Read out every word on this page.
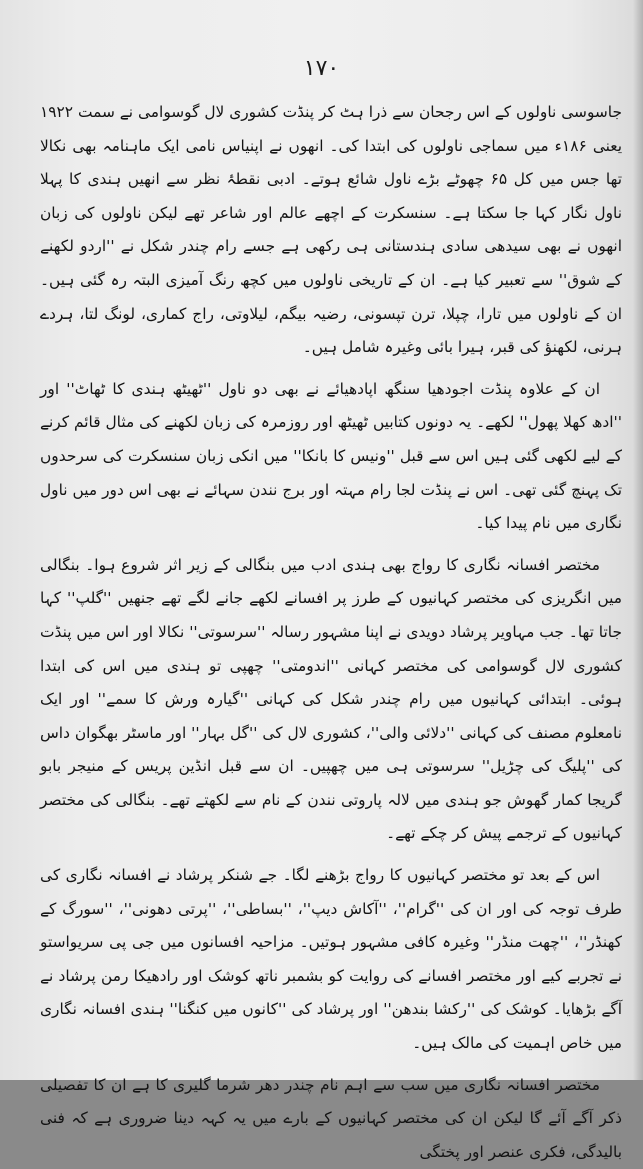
۱۷۰

جاسوسی ناولوں کے اس رجحان سے ذرا ہٹ کر پنڈت کشوری لال گوسوامی نے سمت ۱۹۲۲ یعنی ۱۸۶ء میں سماجی ناولوں کی ابتدا کی۔ انھوں نے اپنیاس نامی ایک ماہنامہ بھی نکالا تھا جس میں کل ۶۵ چھوٹے بڑے ناول شائع ہوتے۔ ادبی نقطۂ نظر سے انھیں ہندی کا پہلا ناول نگار کہا جا سکتا ہے۔ سنسکرت کے اچھے عالم اور شاعر تھے لیکن ناولوں کی زبان انھوں نے بھی سیدھی سادی ہندستانی ہی رکھی ہے جسے رام چندر شکل نے ''اردو لکھنے کے شوق'' سے تعبیر کیا ہے۔ ان کے تاریخی ناولوں میں کچھ رنگ آمیزی البتہ رہ گئی ہیں۔ ان کے ناولوں میں تارا، چپلا، ترن تپسونی، رضیہ بیگم، لیلاوتی، راج کماری، لونگ لتا، ہردے ہرنی، لکھنؤ کی قبر، ہیرا بائی وغیرہ شامل ہیں۔

ان کے علاوہ پنڈت اجودھیا سنگھ اپادھیائے نے بھی دو ناول ''ٹھیٹھ ہندی کا ٹھاٹ'' اور ''ادھ کھلا پھول'' لکھے۔ یہ دونوں کتابیں ٹھیٹھ اور روزمرہ کی زبان لکھنے کی مثال قائم کرنے کے لیے لکھی گئی ہیں اس سے قبل ''ونیس کا بانکا'' میں انکی زبان سنسکرت کی سرحدوں تک پہنچ گئی تھی۔ اس نے پنڈت لجا رام مہتہ اور برج نندن سہائے نے بھی اس دور میں ناول نگاری میں نام پیدا کیا۔

مختصر افسانہ نگاری کا رواج بھی ہندی ادب میں بنگالی کے زیر اثر شروع ہوا۔ بنگالی میں انگریزی کی مختصر کہانیوں کے طرز پر افسانے لکھے جانے لگے تھے جنھیں ''گلپ'' کہا جاتا تھا۔ جب مہاویر پرشاد دویدی نے اپنا مشہور رسالہ ''سرسوتی'' نکالا اور اس میں پنڈت کشوری لال گوسوامی کی مختصر کہانی ''اندومتی'' چھپی تو ہندی میں اس کی ابتدا ہوئی۔ ابتدائی کہانیوں میں رام چندر شکل کی کہانی ''گیارہ ورش کا سمے'' اور ایک نامعلوم مصنف کی کہانی ''دلائی والی''، کشوری لال کی ''گل بہار'' اور ماسٹر بھگوان داس کی ''پلیگ کی چڑیل'' سرسوتی ہی میں چھپیں۔ ان سے قبل انڈین پریس کے منیجر بابو گریجا کمار گھوش جو ہندی میں لالہ پاروتی نندن کے نام سے لکھتے تھے۔ بنگالی کی مختصر کہانیوں کے ترجمے پیش کر چکے تھے۔

اس کے بعد تو مختصر کہانیوں کا رواج بڑھنے لگا۔ جے شنکر پرشاد نے افسانہ نگاری کی طرف توجہ کی اور ان کی ''گرام''، ''آکاش دیپ''، ''بساطی''، ''پرتی دھونی''، ''سورگ کے کھنڈر''، ''چھت منڈر'' وغیرہ کافی مشہور ہوتیں۔ مزاحیہ افسانوں میں جی پی سریواستو نے تجربے کیے اور مختصر افسانے کی روایت کو بشمبر ناتھ کوشک اور رادھیکا رمن پرشاد نے آگے بڑھایا۔ کوشک کی ''رکشا بندھن'' اور پرشاد کی ''کانوں میں کنگنا'' ہندی افسانہ نگاری میں خاص اہمیت کی مالک ہیں۔

مختصر افسانہ نگاری میں سب سے اہم نام چندر دھر شرما گلیری کا ہے ان کا تفصیلی ذکر آگے آئے گا لیکن ان کی مختصر کہانیوں کے بارے میں یہ کہہ دینا ضروری ہے کہ فنی بالیدگی، فکری عنصر اور پختگی
